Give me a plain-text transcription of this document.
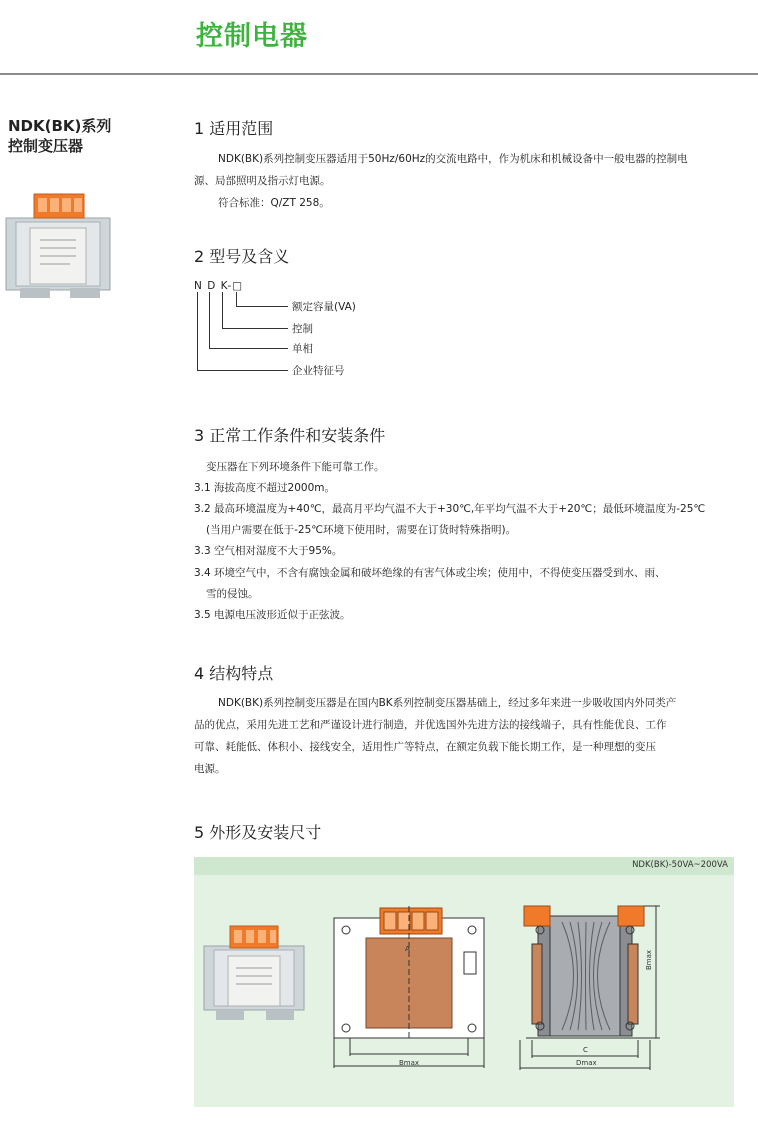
控制电器
NDK(BK)系列
控制变压器
1 适用范围
NDK(BK)系列控制变压器适用于50Hz/60Hz的交流电路中，作为机床和机械设备中一般电器的控制电
源、局部照明及指示灯电源。
符合标准：Q/ZT 258。
2 型号及含义
N D K-□
额定容量(VA)
控制
单相
企业特征号
3 正常工作条件和安装条件
变压器在下列环境条件下能可靠工作。
3.1 海拔高度不超过2000m。
3.2 最高环境温度为+40℃，最高月平均气温不大于+30℃,年平均气温不大于+20℃；最低环境温度为-25℃
(当用户需要在低于-25℃环境下使用时，需要在订货时特殊指明)。
3.3 空气相对湿度不大于95%。
3.4 环境空气中，不含有腐蚀金属和破坏绝缘的有害气体或尘埃；使用中，不得使变压器受到水、雨、
雪的侵蚀。
3.5 电源电压波形近似于正弦波。
4 结构特点
NDK(BK)系列控制变压器是在国内BK系列控制变压器基础上，经过多年来进一步吸收国内外同类产
品的优点，采用先进工艺和严谨设计进行制造，并优选国外先进方法的接线端子，具有性能优良、工作
可靠、耗能低、体积小、接线安全，适用性广等特点，在额定负载下能长期工作，是一种理想的变压
电源。
5 外形及安装尺寸
NDK(BK)-50VA~200VA
A
Bmax
C
Dmax
Bmax
